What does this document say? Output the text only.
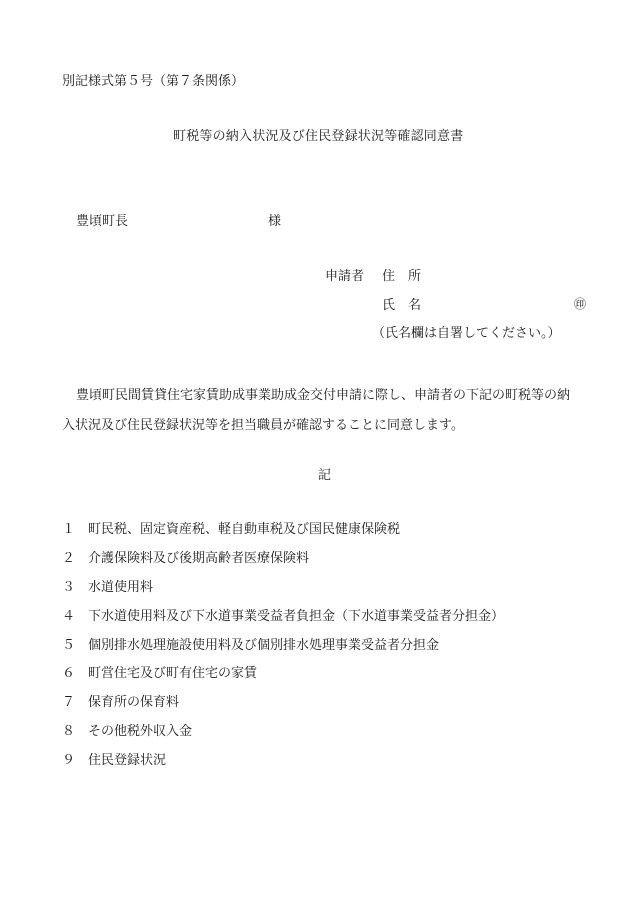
別記様式第５号（第７条関係）
町税等の納入状況及び住民登録状況等確認同意書
豊頃町長	様
申請者 住　所
氏　名	㊞
（氏名欄は自署してください。）
豊頃町民間賃貸住宅家賃助成事業助成金交付申請に際し、申請者の下記の町税等の納入状況及び住民登録状況等を担当職員が確認することに同意します。
記
１ 町民税、固定資産税、軽自動車税及び国民健康保険税
２ 介護保険料及び後期高齢者医療保険料
３ 水道使用料
４ 下水道使用料及び下水道事業受益者負担金（下水道事業受益者分担金）
５ 個別排水処理施設使用料及び個別排水処理事業受益者分担金
６ 町営住宅及び町有住宅の家賃
７ 保育所の保育料
８ その他税外収入金
９ 住民登録状況
